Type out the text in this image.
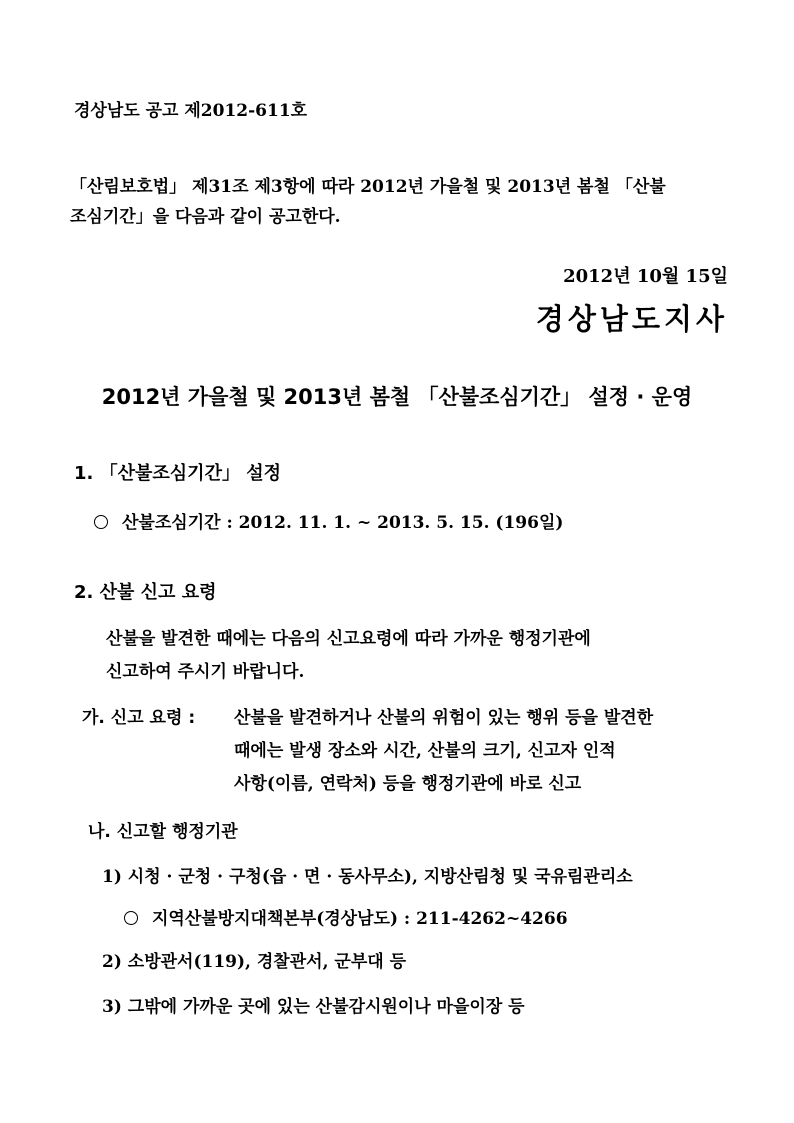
경상남도 공고 제2012-611호
「산림보호법」 제31조 제3항에 따라 2012년 가을철 및 2013년 봄철 「산불
조심기간」을 다음과 같이 공고한다.
2012년 10월 15일
경상남도지사
2012년 가을철 및 2013년 봄철 「산불조심기간」 설정 · 운영
1. 「산불조심기간」 설정
산불조심기간 : 2012. 11. 1. ~ 2013. 5. 15. (196일)
2. 산불 신고 요령
산불을 발견한 때에는 다음의 신고요령에 따라 가까운 행정기관에
신고하여 주시기 바랍니다.
가. 신고 요령 : 산불을 발견하거나 산불의 위험이 있는 행위 등을 발견한
때에는 발생 장소와 시간, 산불의 크기, 신고자 인적
사항(이름, 연락처) 등을 행정기관에 바로 신고
나. 신고할 행정기관
1) 시청 · 군청 · 구청(읍 · 면 · 동사무소), 지방산림청 및 국유림관리소
지역산불방지대책본부(경상남도) : 211-4262~4266
2) 소방관서(119), 경찰관서, 군부대 등
3) 그밖에 가까운 곳에 있는 산불감시원이나 마을이장 등
